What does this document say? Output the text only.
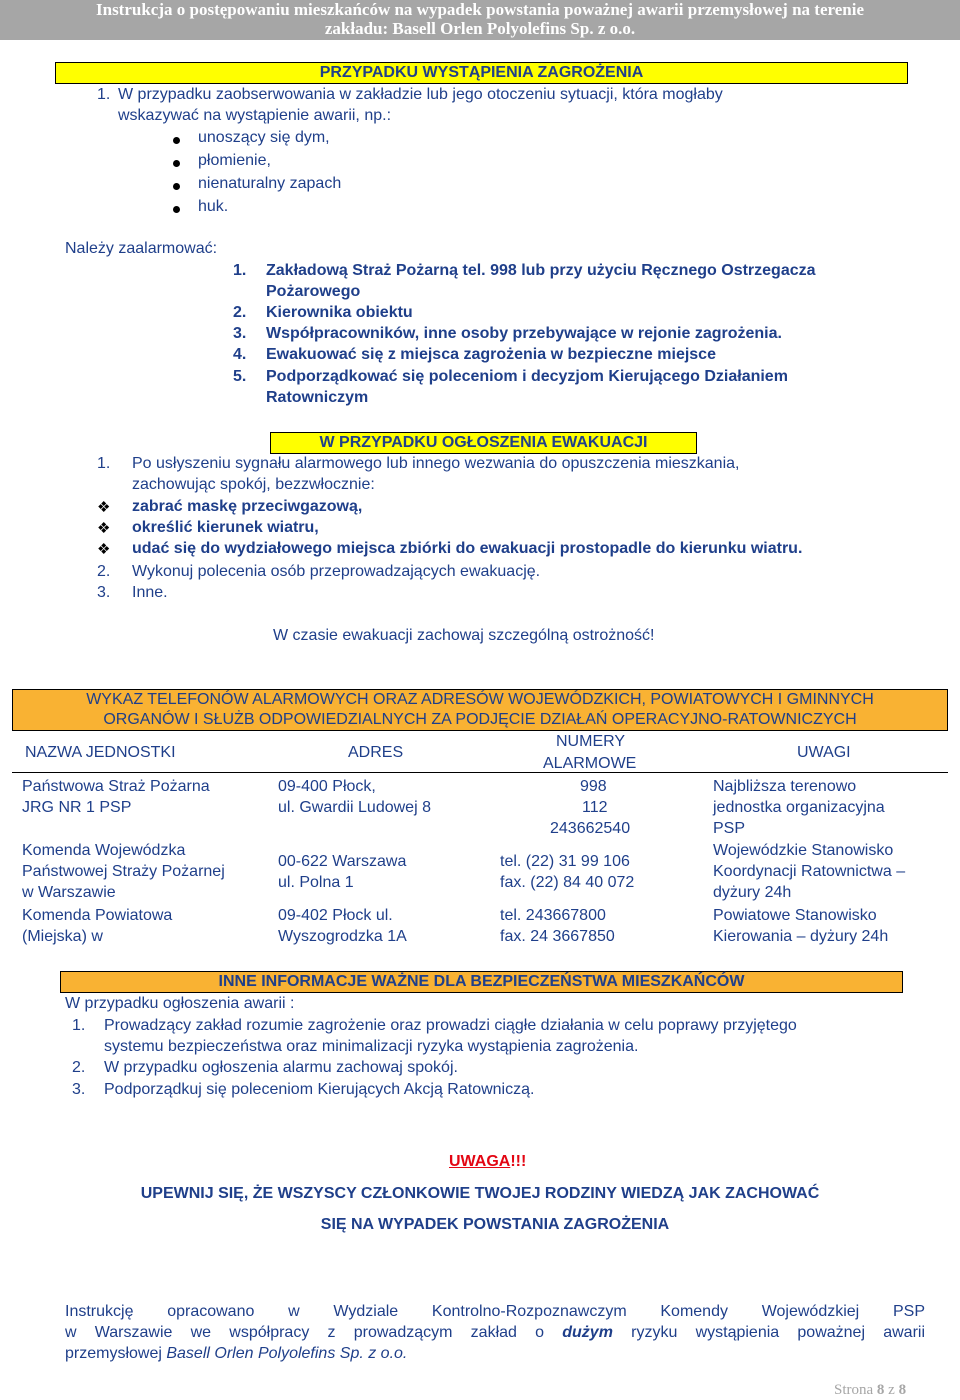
Instrukcja o postępowaniu mieszkańców na wypadek powstania poważnej awarii przemysłowej na terenie
zakładu: Basell Orlen Polyolefins Sp. z o.o.
PRZYPADKU WYSTĄPIENIA ZAGROŻENIA
1. W przypadku zaobserwowania w zakładzie lub jego otoczeniu sytuacji, która mogłaby
wskazywać na wystąpienie awarii, np.:
unoszący się dym,
płomienie,
nienaturalny zapach
huk.
Należy zaalarmować:
1. Zakładową Straż Pożarną tel. 998 lub przy użyciu Ręcznego Ostrzegacza
Pożarowego
2. Kierownika obiektu
3. Współpracowników, inne osoby przebywające w rejonie zagrożenia.
4. Ewakuować się z miejsca zagrożenia w bezpieczne miejsce
5. Podporządkować się poleceniom i decyzjom Kierującego Działaniem
Ratowniczym
W PRZYPADKU OGŁOSZENIA EWAKUACJI
1. Po usłyszeniu sygnału alarmowego lub innego wezwania do opuszczenia mieszkania,
zachowując spokój, bezzwłocznie:
❖ zabrać maskę przeciwgazową,
❖ określić kierunek wiatru,
❖ udać się do wydziałowego miejsca zbiórki do ewakuacji prostopadle do kierunku wiatru.
2. Wykonuj polecenia osób przeprowadzających ewakuację.
3. Inne.
W czasie ewakuacji zachowaj szczególną ostrożność!
WYKAZ TELEFONÓW ALARMOWYCH ORAZ ADRESÓW WOJEWÓDZKICH, POWIATOWYCH I GMINNYCH
ORGANÓW I SŁUŻB ODPOWIEDZIALNYCH ZA PODJĘCIE DZIAŁAŃ OPERACYJNO-RATOWNICZYCH
NAZWA JEDNOSTKI	ADRES
NUMERY
ALARMOWE
UWAGI
Państwowa Straż Pożarna
JRG NR 1 PSP
09-400 Płock,
ul. Gwardii Ludowej 8
998
112
243662540
Najbliższa terenowo
jednostka organizacyjna
PSP
Komenda Wojewódzka
Państwowej Straży Pożarnej
w Warszawie
00-622 Warszawa
ul. Polna 1
tel. (22) 31 99 106
fax. (22) 84 40 072
Wojewódzkie Stanowisko
Koordynacji Ratownictwa –
dyżury 24h
Komenda Powiatowa
(Miejska) w
09-402 Płock ul.
Wyszogrodzka 1A
tel. 243667800
fax. 24 3667850
Powiatowe Stanowisko
Kierowania – dyżury 24h
INNE INFORMACJE WAŻNE DLA BEZPIECZEŃSTWA MIESZKAŃCÓW
W przypadku ogłoszenia awarii :
1. Prowadzący zakład rozumie zagrożenie oraz prowadzi ciągłe działania w celu poprawy przyjętego
systemu bezpieczeństwa oraz minimalizacji ryzyka wystąpienia zagrożenia.
2. W przypadku ogłoszenia alarmu zachowaj spokój.
3. Podporządkuj się poleceniom Kierujących Akcją Ratowniczą.
UWAGA!!!
UPEWNIJ SIĘ, ŻE WSZYSCY CZŁONKOWIE TWOJEJ RODZINY WIEDZĄ JAK ZACHOWAĆ
SIĘ NA WYPADEK POWSTANIA ZAGROŻENIA
Instrukcję opracowano w Wydziale Kontrolno-Rozpoznawczym Komendy Wojewódzkiej PSP
w Warszawie we współpracy z prowadzącym zakład o dużym ryzyku wystąpienia poważnej awarii
przemysłowej Basell Orlen Polyolefins Sp. z o.o.
Strona 8 z 8
